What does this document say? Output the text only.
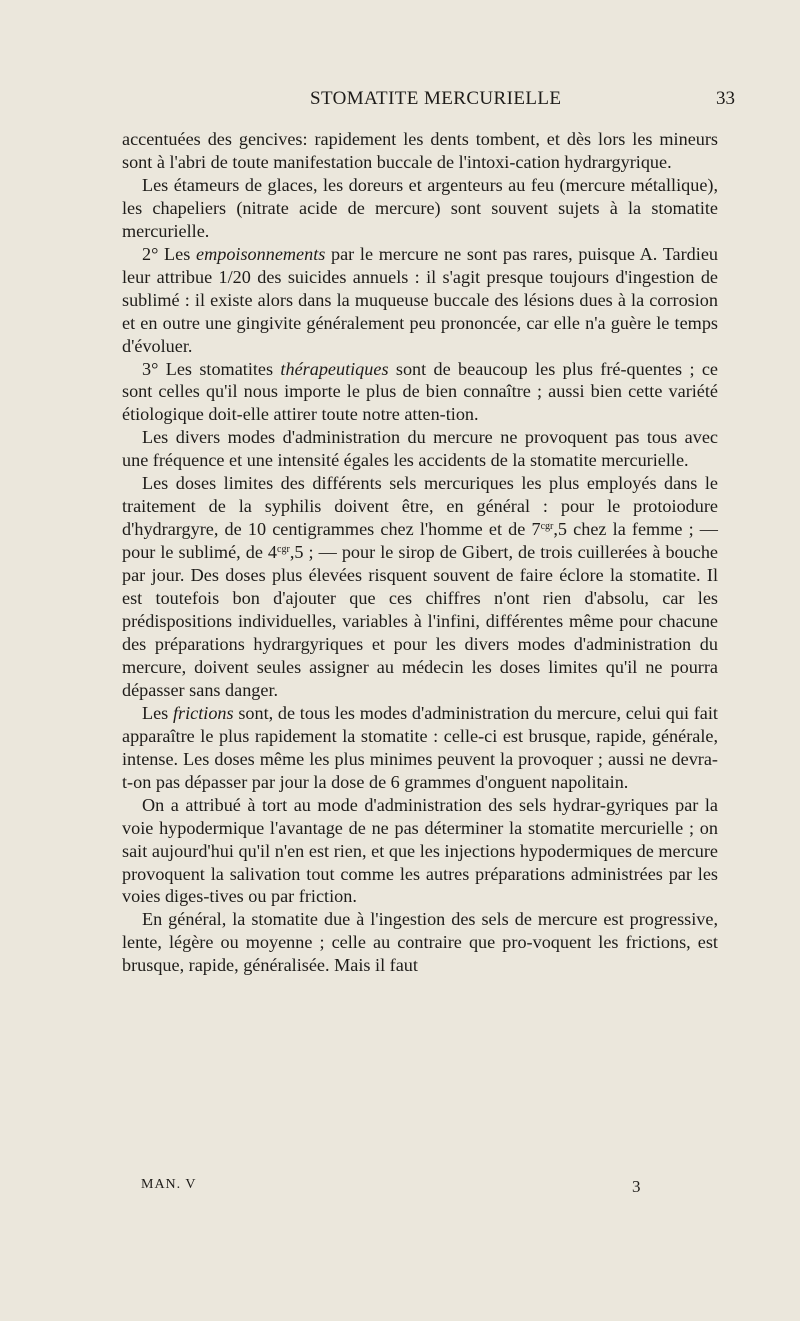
STOMATITE MERCURIELLE	33

accentuées des gencives: rapidement les dents tombent, et dès lors les mineurs sont à l'abri de toute manifestation buccale de l'intoxi-cation hydrargyrique.

Les étameurs de glaces, les doreurs et argenteurs au feu (mercure métallique), les chapeliers (nitrate acide de mercure) sont souvent sujets à la stomatite mercurielle.

2° Les empoisonnements par le mercure ne sont pas rares, puisque A. Tardieu leur attribue 1/20 des suicides annuels : il s'agit presque toujours d'ingestion de sublimé : il existe alors dans la muqueuse buccale des lésions dues à la corrosion et en outre une gingivite généralement peu prononcée, car elle n'a guère le temps d'évoluer.

3° Les stomatites thérapeutiques sont de beaucoup les plus fré-quentes ; ce sont celles qu'il nous importe le plus de bien connaître ; aussi bien cette variété étiologique doit-elle attirer toute notre atten-tion.

Les divers modes d'administration du mercure ne provoquent pas tous avec une fréquence et une intensité égales les accidents de la stomatite mercurielle.

Les doses limites des différents sels mercuriques les plus employés dans le traitement de la syphilis doivent être, en général : pour le protoiodure d'hydrargyre, de 10 centigrammes chez l'homme et de $7^{cgr},5$ chez la femme ; — pour le sublimé, de $4^{cgr},5$ ; — pour le sirop de Gibert, de trois cuillerées à bouche par jour. Des doses plus élevées risquent souvent de faire éclore la stomatite. Il est toutefois bon d'ajouter que ces chiffres n'ont rien d'absolu, car les prédispositions individuelles, variables à l'infini, différentes même pour chacune des préparations hydrargyriques et pour les divers modes d'administration du mercure, doivent seules assigner au médecin les doses limites qu'il ne pourra dépasser sans danger.

Les frictions sont, de tous les modes d'administration du mercure, celui qui fait apparaître le plus rapidement la stomatite : celle-ci est brusque, rapide, générale, intense. Les doses même les plus minimes peuvent la provoquer ; aussi ne devra-t-on pas dépasser par jour la dose de 6 grammes d'onguent napolitain.

On a attribué à tort au mode d'administration des sels hydrar-gyriques par la voie hypodermique l'avantage de ne pas déterminer la stomatite mercurielle ; on sait aujourd'hui qu'il n'en est rien, et que les injections hypodermiques de mercure provoquent la salivation tout comme les autres préparations administrées par les voies diges-tives ou par friction.

En général, la stomatite due à l'ingestion des sels de mercure est progressive, lente, légère ou moyenne ; celle au contraire que pro-voquent les frictions, est brusque, rapide, généralisée. Mais il faut

MAN. V	3
